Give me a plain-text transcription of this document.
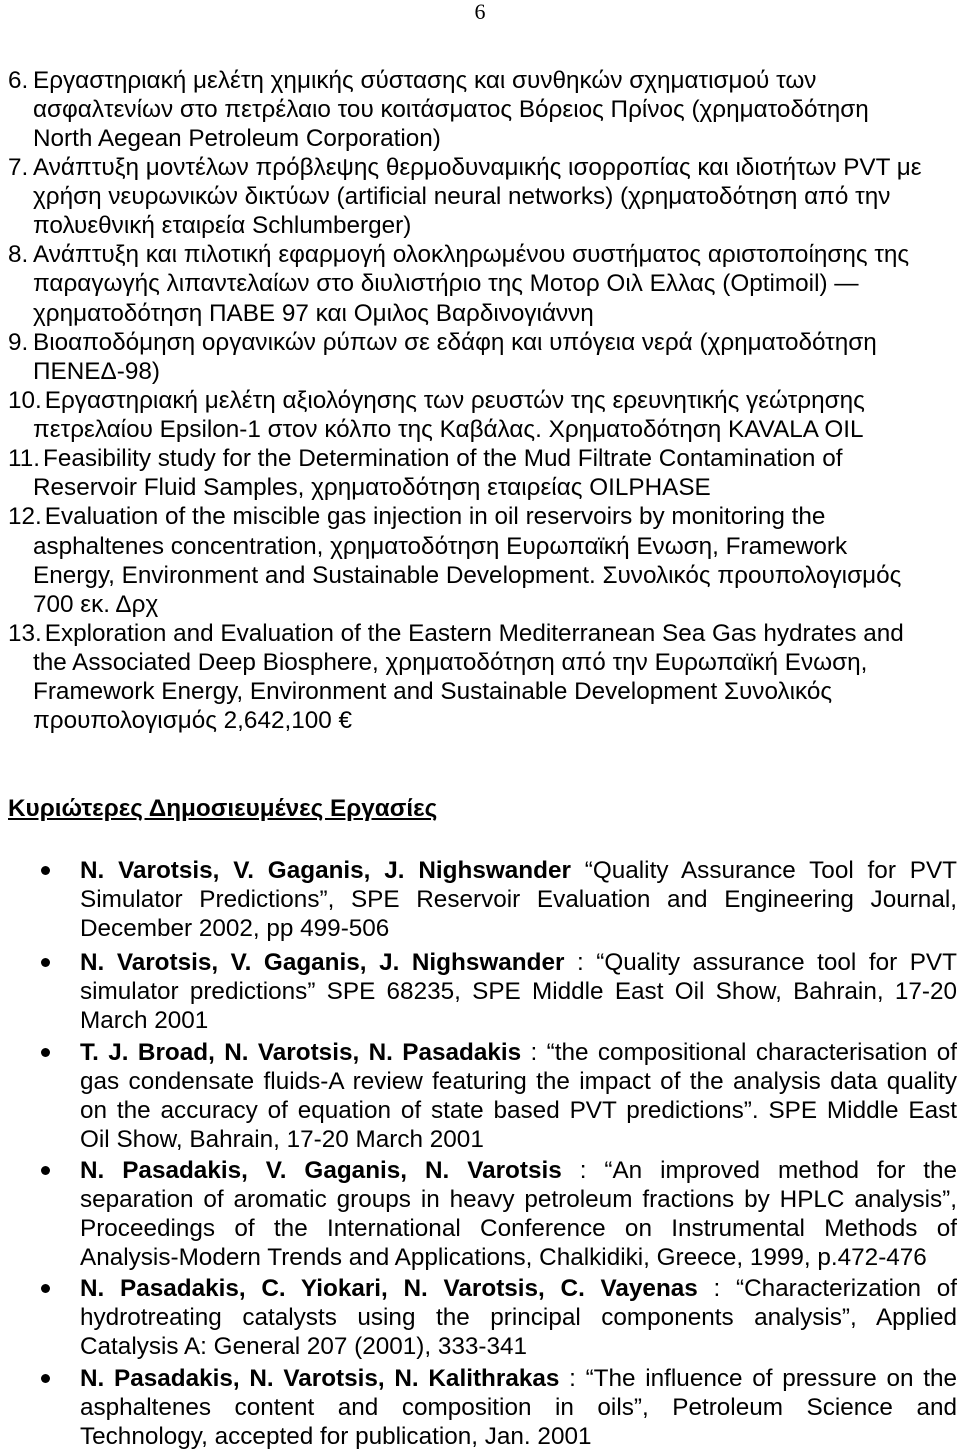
6
6. Εργαστηριακή μελέτη χημικής σύστασης και συνθηκών σχηματισμού των
ασφαλτενίων στο πετρέλαιο του κοιτάσματος Βόρειος Πρίνος (χρηματοδότηση
North Aegean Petroleum Corporation)
7. Ανάπτυξη μοντέλων πρόβλεψης θερμοδυναμικής ισορροπίας και ιδιοτήτων PVT με
χρήση νευρωνικών δικτύων (artificial neural networks) (χρηματοδότηση από την
πολυεθνική εταιρεία Schlumberger)
8. Ανάπτυξη και πιλοτική εφαρμογή ολοκληρωμένου συστήματος αριστοποίησης της
παραγωγής λιπαντελαίων στο διυλιστήριο της Μοτορ Οιλ Ελλας (Optimoil) —
χρηματοδότηση ΠΑΒΕ 97 και Ομιλος Βαρδινογιάννη
9. Βιοαποδόμηση οργανικών ρύπων σε εδάφη και υπόγεια νερά (χρηματοδότηση
ΠΕΝΕΔ-98)
10. Εργαστηριακή μελέτη αξιολόγησης των ρευστών της ερευνητικής γεώτρησης
πετρελαίου Epsilon-1 στον κόλπο της Καβάλας. Χρηματοδότηση KAVALA OIL
11. Feasibility study for the Determination of the Mud Filtrate Contamination of
Reservoir Fluid Samples, χρηματοδότηση εταιρείας OILPHASE
12. Evaluation of the miscible gas injection in oil reservoirs by monitoring the
asphaltenes concentration, χρηματοδότηση Ευρωπαϊκή Ενωση, Framework
Energy, Environment and Sustainable Development. Συνολικός προυπολογισμός
700 εκ. Δρχ
13. Exploration and Evaluation of the Eastern Mediterranean Sea Gas hydrates and
the Associated Deep Biosphere, χρηματοδότηση από την Ευρωπαϊκή Ενωση,
Framework Energy, Environment and Sustainable Development Συνολικός
προυπολογισμός 2,642,100 €
Κυριώτερες Δημοσιευμένες Εργασίες
N. Varotsis, V. Gaganis, J. Nighswander “Quality Assurance Tool for PVT
Simulator Predictions”, SPE Reservoir Evaluation and Engineering Journal,
December 2002, pp 499-506
N. Varotsis, V. Gaganis, J. Nighswander : “Quality assurance tool for PVT
simulator predictions” SPE 68235, SPE Middle East Oil Show, Bahrain, 17-20
March 2001
T. J. Broad, N. Varotsis, N. Pasadakis : “the compositional characterisation of
gas condensate fluids-A review featuring the impact of the analysis data quality
on the accuracy of equation of state based PVT predictions”. SPE Middle East
Oil Show, Bahrain, 17-20 March 2001
N. Pasadakis, V. Gaganis, N. Varotsis : “An improved method for the
separation of aromatic groups in heavy petroleum fractions by HPLC analysis”,
Proceedings of the International Conference on Instrumental Methods of
Analysis-Modern Trends and Applications, Chalkidiki, Greece, 1999, p.472-476
N. Pasadakis, C. Yiokari, N. Varotsis, C. Vayenas : “Characterization of
hydrotreating catalysts using the principal components analysis”, Applied
Catalysis A: General 207 (2001), 333-341
N. Pasadakis, N. Varotsis, N. Kalithrakas : “The influence of pressure on the
asphaltenes content and composition in oils”, Petroleum Science and
Technology, accepted for publication, Jan. 2001
